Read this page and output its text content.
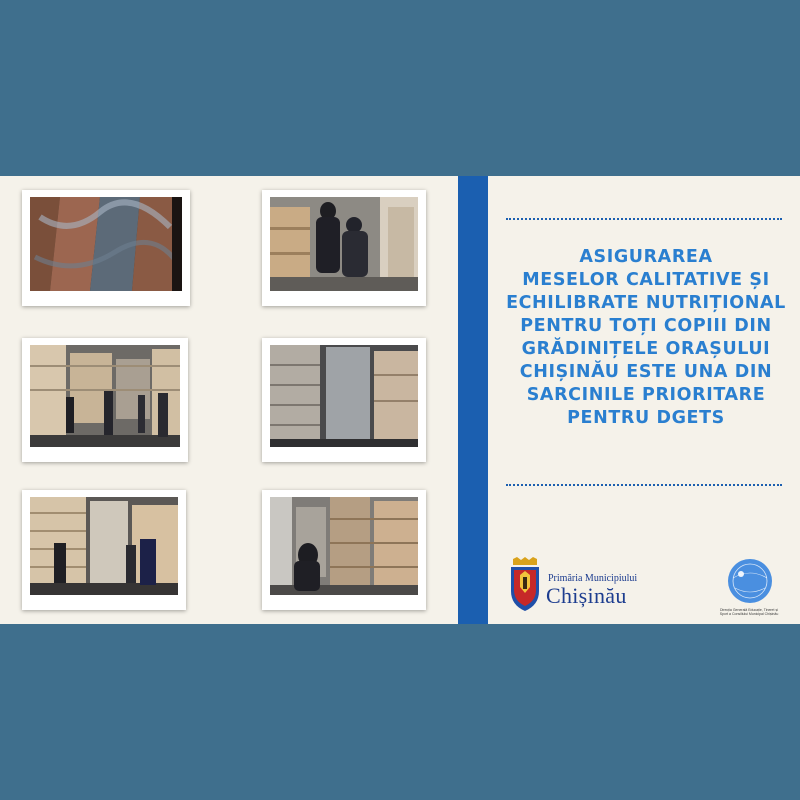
ASIGURAREA
MESELOR CALITATIVE ȘI
ECHILIBRATE NUTRIȚIONAL
PENTRU TOȚI COPIII DIN
GRĂDINIȚELE ORAȘULUI
CHIȘINĂU ESTE UNA DIN
SARCINILE PRIORITARE
PENTRU DGETS
Primăria Municipiului
Chișinău
Direcția Generală Educație, Tineret și Sport a Consiliului Municipal Chișinău
